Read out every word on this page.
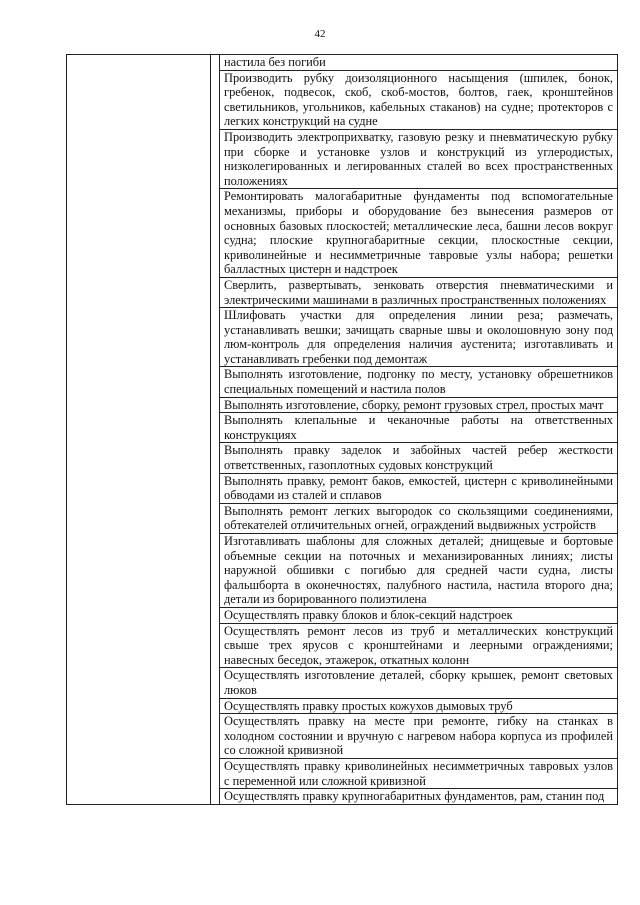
42
		настила без погиби
Производить рубку доизоляционного насыщения (шпилек, бонок, гребенок, подвесок, скоб, скоб-мостов, болтов, гаек, кронштейнов светильников, угольников, кабельных стаканов) на судне; протекторов с легких конструкций на судне
Производить электроприхватку, газовую резку и пневматическую рубку при сборке и установке узлов и конструкций из углеродистых, низколегированных и легированных сталей во всех пространственных положениях
Ремонтировать малогабаритные фундаменты под вспомогательные механизмы, приборы и оборудование без вынесения размеров от основных базовых плоскостей; металлические леса, башни лесов вокруг судна; плоские крупногабаритные секции, плоскостные секции, криволинейные и несимметричные тавровые узлы набора; решетки балластных цистерн и надстроек
Сверлить, развертывать, зенковать отверстия пневматическими и электрическими машинами в различных пространственных положениях
Шлифовать участки для определения линии реза; размечать, устанавливать вешки; зачищать сварные швы и околошовную зону под люм-контроль для определения наличия аустенита; изготавливать и устанавливать гребенки под демонтаж
Выполнять изготовление, подгонку по месту, установку обрешетников специальных помещений и настила полов
Выполнять изготовление, сборку, ремонт грузовых стрел, простых мачт
Выполнять клепальные и чеканочные работы на ответственных конструкциях
Выполнять правку заделок и забойных частей ребер жесткости ответственных, газоплотных судовых конструкций
Выполнять правку, ремонт баков, емкостей, цистерн с криволинейными обводами из сталей и сплавов
Выполнять ремонт легких выгородок со скользящими соединениями, обтекателей отличительных огней, ограждений выдвижных устройств
Изготавливать шаблоны для сложных деталей; днищевые и бортовые объемные секции на поточных и механизированных линиях; листы наружной обшивки с погибью для средней части судна, листы фальшборта в оконечностях, палубного настила, настила второго дна; детали из борированного полиэтилена
Осуществлять правку блоков и блок-секций надстроек
Осуществлять ремонт лесов из труб и металлических конструкций свыше трех ярусов с кронштейнами и леерными ограждениями; навесных беседок, этажерок, откатных колонн
Осуществлять изготовление деталей, сборку крышек, ремонт световых люков
Осуществлять правку простых кожухов дымовых труб
Осуществлять правку на месте при ремонте, гибку на станках в холодном состоянии и вручную с нагревом набора корпуса из профилей со сложной кривизной
Осуществлять правку криволинейных несимметричных тавровых узлов с переменной или сложной кривизной
Осуществлять правку крупногабаритных фундаментов, рам, станин под
